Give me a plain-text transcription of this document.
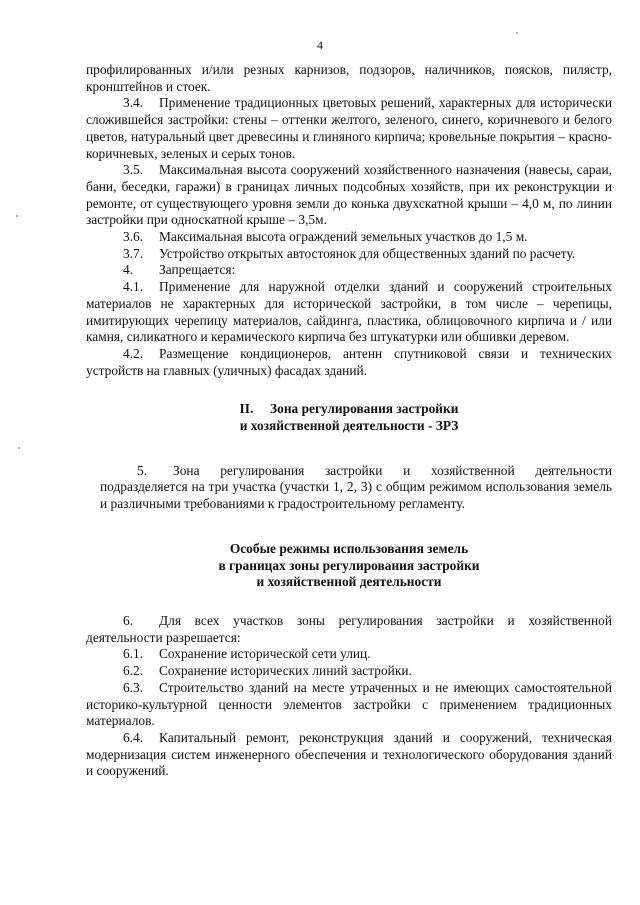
4

профилированных и/или резных карнизов, подзоров, наличников, поясков, пилястр, кронштейнов и стоек.

3.4. Применение традиционных цветовых решений, характерных для исторически сложившейся застройки: стены – оттенки желтого, зеленого, синего, коричневого и белого цветов, натуральный цвет древесины и глиняного кирпича; кровельные покрытия – красно-коричневых, зеленых и серых тонов.

3.5. Максимальная высота сооружений хозяйственного назначения (навесы, сараи, бани, беседки, гаражи) в границах личных подсобных хозяйств, при их реконструкции и ремонте, от существующего уровня земли до конька двухскатной крыши – 4,0 м, по линии застройки при односкатной крыше – 3,5м.

3.6. Максимальная высота ограждений земельных участков до 1,5 м.

3.7. Устройство открытых автостоянок для общественных зданий по расчету.

4. Запрещается:

4.1. Применение для наружной отделки зданий и сооружений строительных материалов не характерных для исторической застройки, в том числе – черепицы, имитирующих черепицу материалов, сайдинга, пластика, облицовочного кирпича и / или камня, силикатного и керамического кирпича без штукатурки или обшивки деревом.

4.2. Размещение кондиционеров, антенн спутниковой связи и технических устройств на главных (уличных) фасадах зданий.

II.     Зона регулирования застройки

и хозяйственной деятельности - ЗРЗ

5. Зона регулирования застройки и хозяйственной деятельности подразделяется на три участка (участки 1, 2, 3) с общим режимом использования земель и различными требованиями к градостроительному регламенту.

Особые режимы использования земель

в границах зоны регулирования застройки

и хозяйственной деятельности

6. Для всех участков зоны регулирования застройки и хозяйственной деятельности разрешается:

6.1. Сохранение исторической сети улиц.

6.2. Сохранение исторических линий застройки.

6.3. Строительство зданий на месте утраченных и не имеющих самостоятельной историко-культурной ценности элементов застройки с применением традиционных материалов.

6.4. Капитальный ремонт, реконструкция зданий и сооружений, техническая модернизация систем инженерного обеспечения и технологического оборудования зданий и сооружений.
